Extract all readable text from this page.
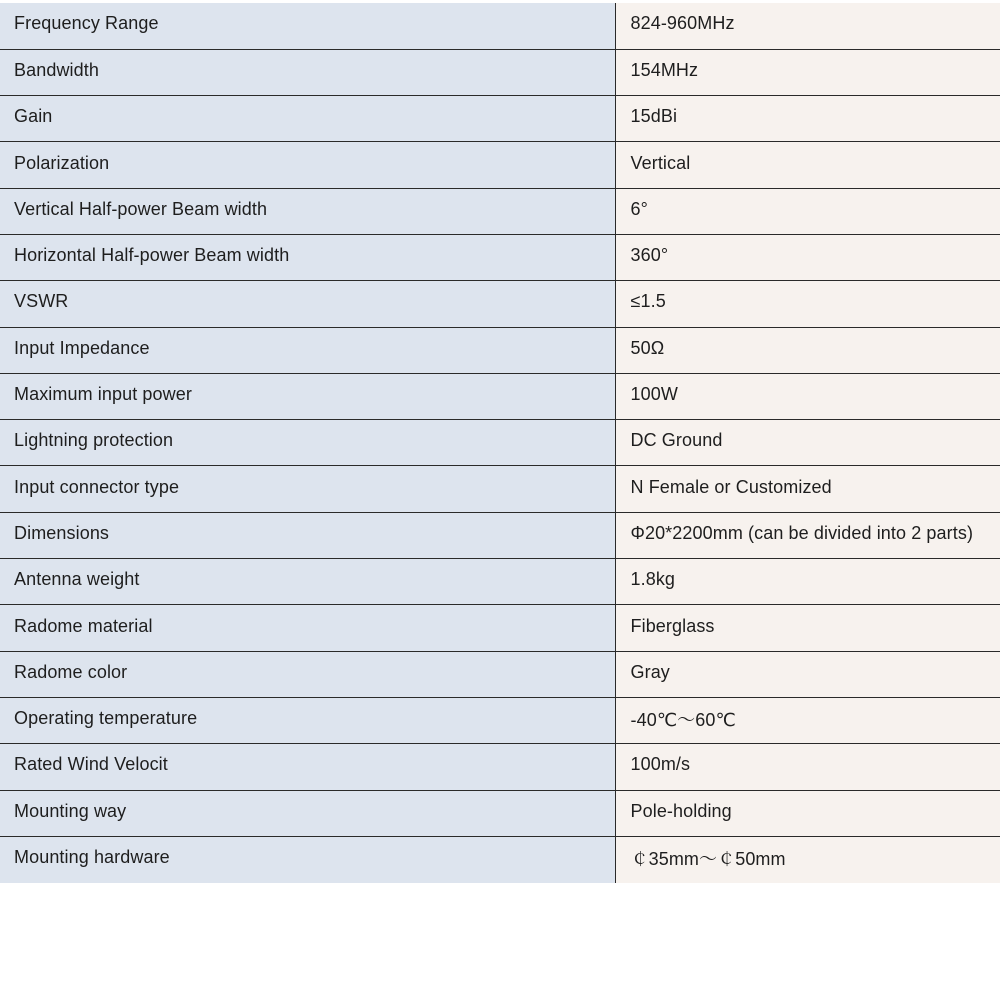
Frequency Range	824-960MHz
Bandwidth	154MHz
Gain	15dBi
Polarization	Vertical
Vertical Half-power Beam width	6°
Horizontal Half-power Beam width	360°
VSWR	≤1.5
Input Impedance	50Ω
Maximum input power	100W
Lightning protection	DC Ground
Input connector type	N Female or Customized
Dimensions	Φ20*2200mm (can be divided into 2 parts)
Antenna weight	1.8kg
Radome material	Fiberglass
Radome color	Gray
Operating temperature	-40℃～60℃
Rated Wind Velocit	100m/s
Mounting way	Pole-holding
Mounting hardware	￠35mm～￠50mm
